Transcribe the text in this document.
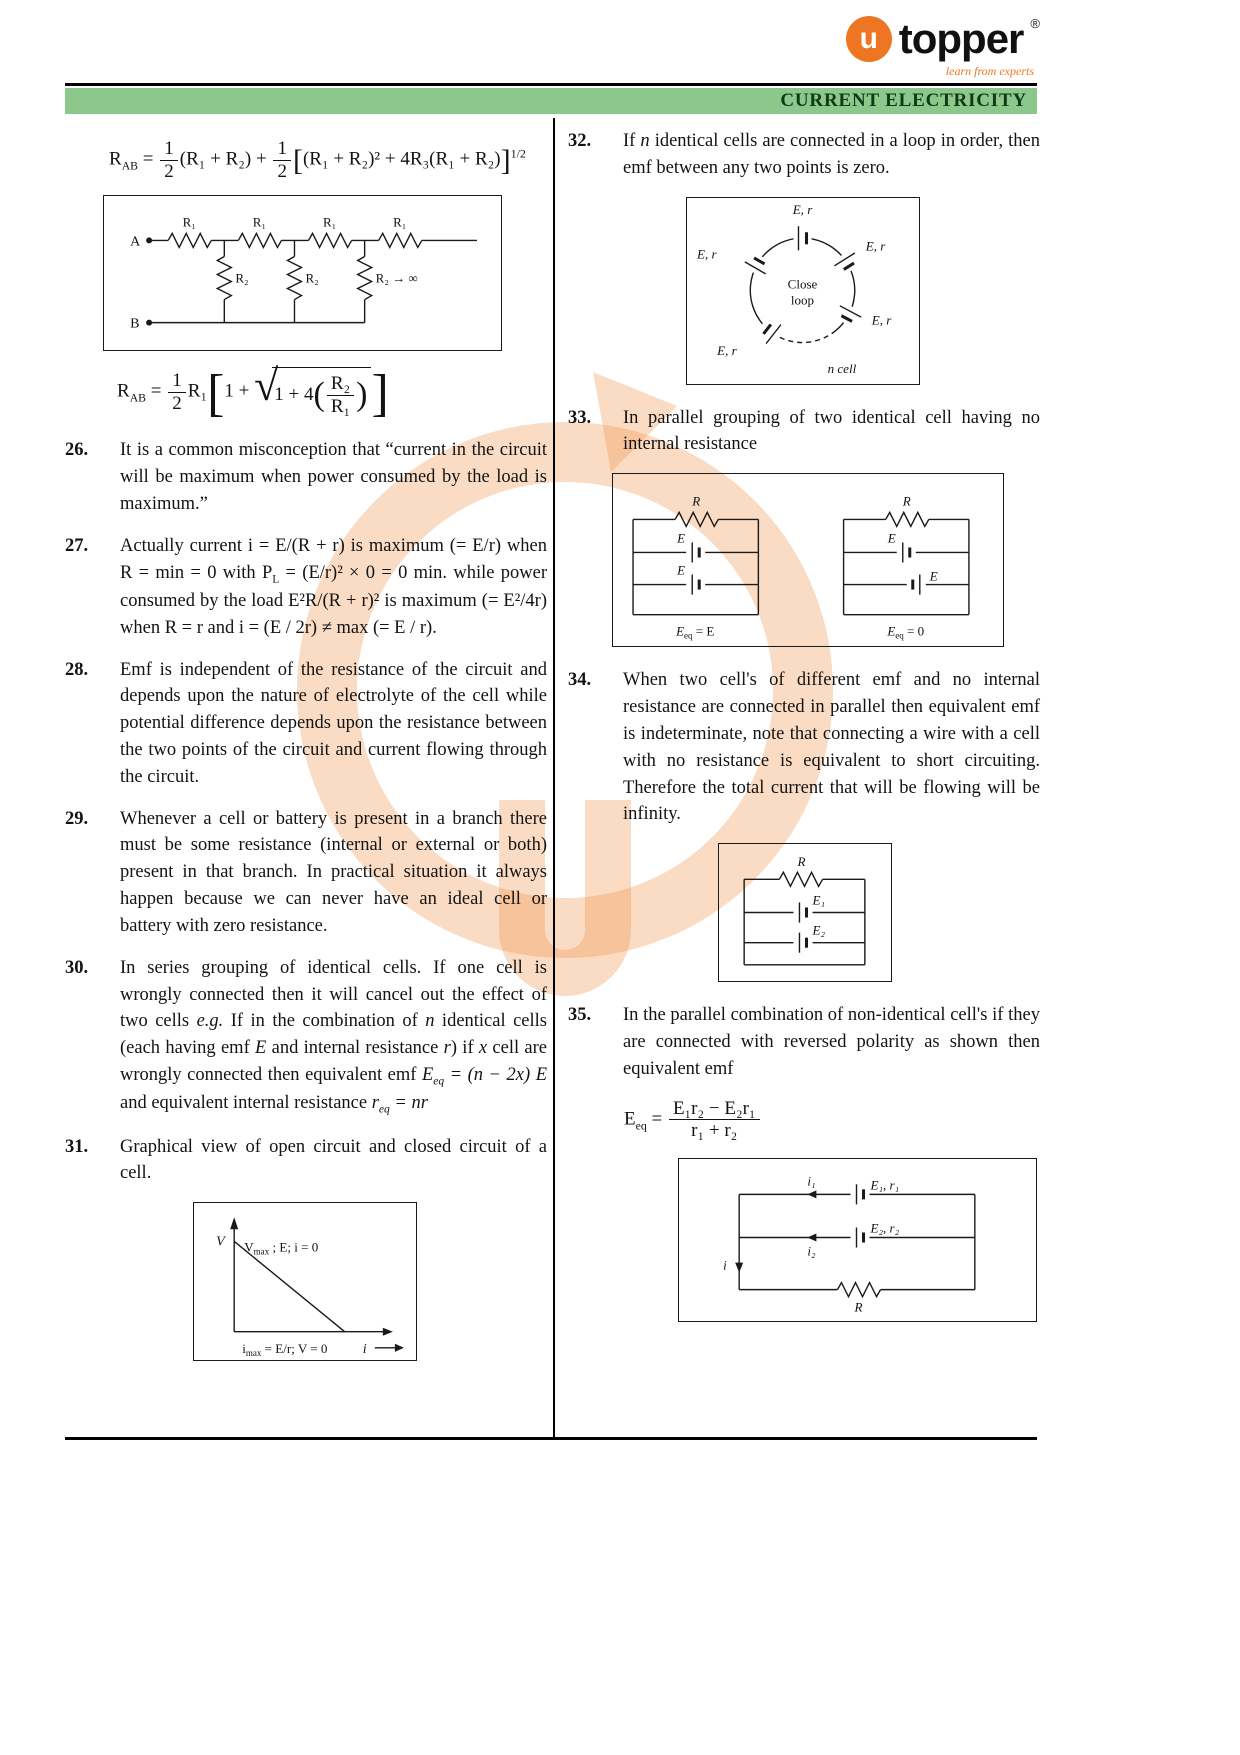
u topper ®
learn from experts
CURRENT ELECTRICITY
$R_{AB} = \frac{1}{2} (R_1 + R_2) + \frac{1}{2} [(R_1 + R_2)^2 + 4R_3(R_1 + R_2)]^{1/2}$
A
B
R₁	R₁	R₁	R₁
R₂	R₂	R₂ → ∞
$R_{AB} = \frac{1}{2} R_1[1$ + √
1 + 4 ( $\frac{\text{R₂}}{\text{R₁}}$ ) ]
26.	It is a common misconception that “current in the circuit will be maximum when power consumed by the load is maximum.”

27.	Actually current i = E/(R + r) is maximum (= E/r) when R = min = 0 with $P_L = (E/r)^2 \times 0 = 0$ min. while power consumed by the load E²R/(R + r)² is maximum (= E²/4r) when R = r and i = (E / 2r) ≠ max (= E / r).

28.	Emf is independent of the resistance of the circuit and depends upon the nature of electrolyte of the cell while potential difference depends upon the resistance between the two points of the circuit and current flowing through the circuit.

29.	Whenever a cell or battery is present in a branch there must be some resistance (internal or external or both) present in that branch. In practical situation it always happen because we can never have an ideal cell or battery with zero resistance.

30.	In series grouping of identical cells. If one cell is wrongly connected then it will cancel out the effect of two cells e.g. If in the combination of n identical cells (each having emf E and internal resistance r) if x cell are wrongly connected then equivalent emf $E_{eq} = (n - 2x)$ E and equivalent internal resistance $r_{eq}$ = nr

31.	Graphical view of open circuit and closed circuit of a cell.

V $V_{max}$ ; E; i = 0
$i_{max} = E/r$; V = 0	i
32.	If n identical cells are connected in a loop in order, then emf between any two points is zero.

E, r
E, r
E, r
E, r
E, r
Close
loop
n cell
33.	In parallel grouping of two identical cell having no internal resistance

R	R
E
E
E
E
$E_{eq} = E$	$E_{eq} = 0$
34.	When two cell's of different emf and no internal resistance are connected in parallel then equivalent emf is indeterminate, note that connecting a wire with a cell with no resistance is equivalent to short circuiting. Therefore the total current that will be flowing will be infinity.

R
E₁
E₂
35.	In the parallel combination of non-identical cell's if they are connected with reversed polarity as shown then equivalent emf

$E_{eq} = \frac{\text{E₁r₂ − E₂r₁}}{\text{r₁ + r₂}}$
i₁	E₁, r₁
i₂
E₂, r₂
i
R
